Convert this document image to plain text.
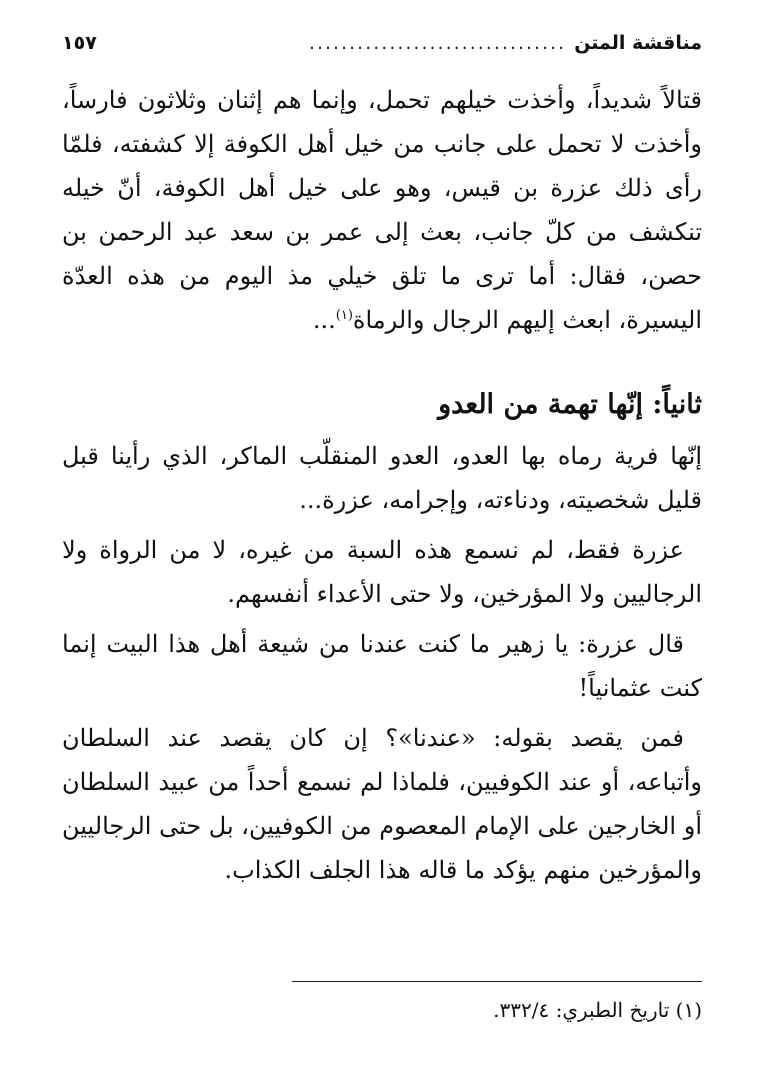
مناقشة المتن
................................
١٥٧

قتالاً شديداً، وأخذت خيلهم تحمل، وإنما هم إثنان وثلاثون فارساً، وأخذت لا تحمل على جانب من خيل أهل الكوفة إلا كشفته، فلمّا رأى ذلك عزرة بن قيس، وهو على خيل أهل الكوفة، أنّ خيله تنكشف من كلّ جانب، بعث إلى عمر بن سعد عبد الرحمن بن حصن، فقال: أما ترى ما تلق خيلي مذ اليوم من هذه العدّة اليسيرة، ابعث إليهم الرجال والرماة$^{(١)}$...

ثانياً: إنّها تهمة من العدو

إنّها فرية رماه بها العدو، العدو المنقلّب الماكر، الذي رأينا قبل قليل شخصيته، ودناءته، وإجرامه، عزرة...

عزرة فقط، لم نسمع هذه السبة من غيره، لا من الرواة ولا الرجاليين ولا المؤرخين، ولا حتى الأعداء أنفسهم.

قال عزرة: يا زهير ما كنت عندنا من شيعة أهل هذا البيت إنما كنت عثمانياً!

فمن يقصد بقوله: «عندنا»؟ إن كان يقصد عند السلطان وأتباعه، أو عند الكوفيين، فلماذا لم نسمع أحداً من عبيد السلطان أو الخارجين على الإمام المعصوم من الكوفيين، بل حتى الرجاليين والمؤرخين منهم يؤكد ما قاله هذا الجلف الكذاب.

(١) تاريخ الطبري: ٣٣٢/٤.
